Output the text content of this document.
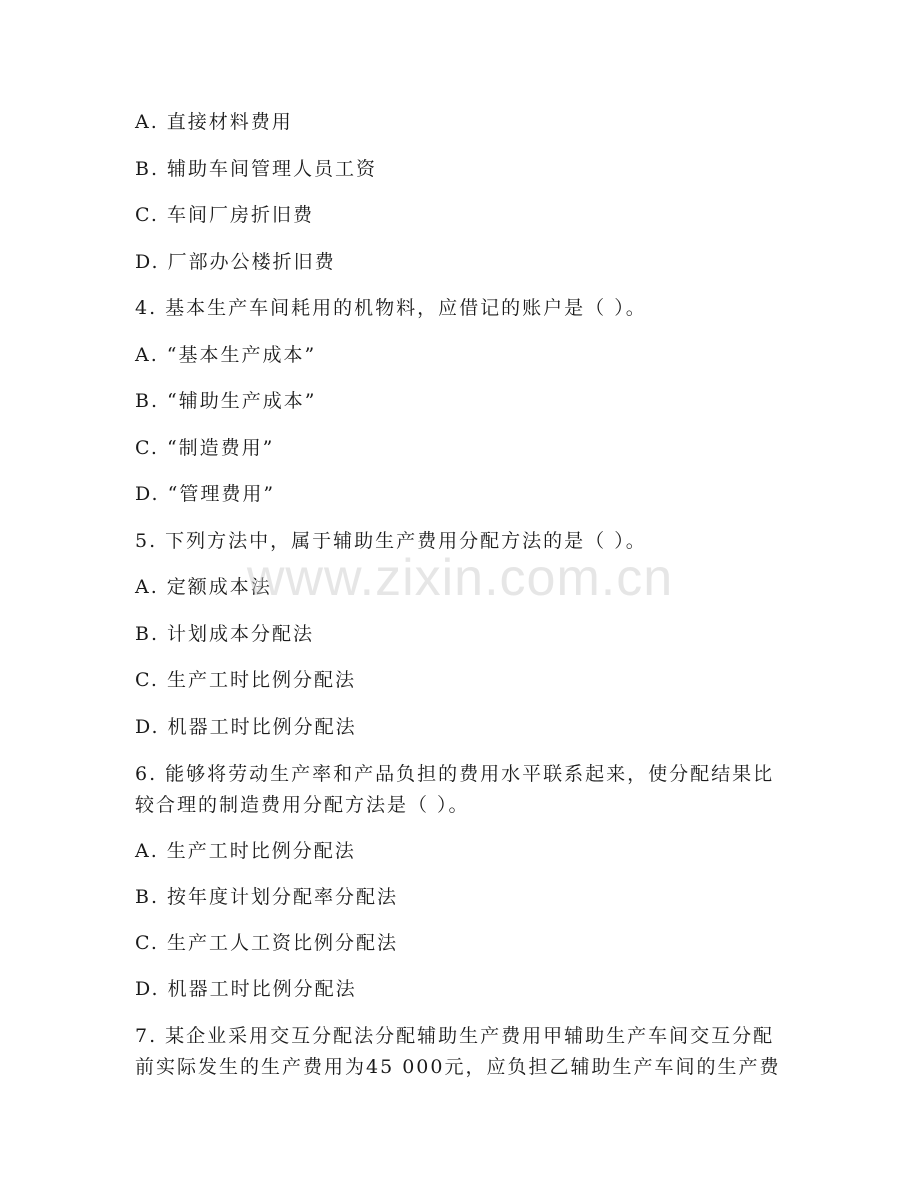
A. 直接材料费用
B. 辅助车间管理人员工资
C. 车间厂房折旧费
D. 厂部办公楼折旧费
4. 基本生产车间耗用的机物料，应借记的账户是（ ）。
A. “基本生产成本”
B. “辅助生产成本”
C. “制造费用”
D. “管理费用”
5. 下列方法中，属于辅助生产费用分配方法的是（ ）。
A. 定额成本法
B. 计划成本分配法
C. 生产工时比例分配法
D. 机器工时比例分配法
6. 能够将劳动生产率和产品负担的费用水平联系起来，使分配结果比
较合理的制造费用分配方法是（ ）。
A. 生产工时比例分配法
B. 按年度计划分配率分配法
C. 生产工人工资比例分配法
D. 机器工时比例分配法
7. 某企业采用交互分配法分配辅助生产费用甲辅助生产车间交互分配
前实际发生的生产费用为45 000元，应负担乙辅助生产车间的生产费
www.zixin.com.cn
